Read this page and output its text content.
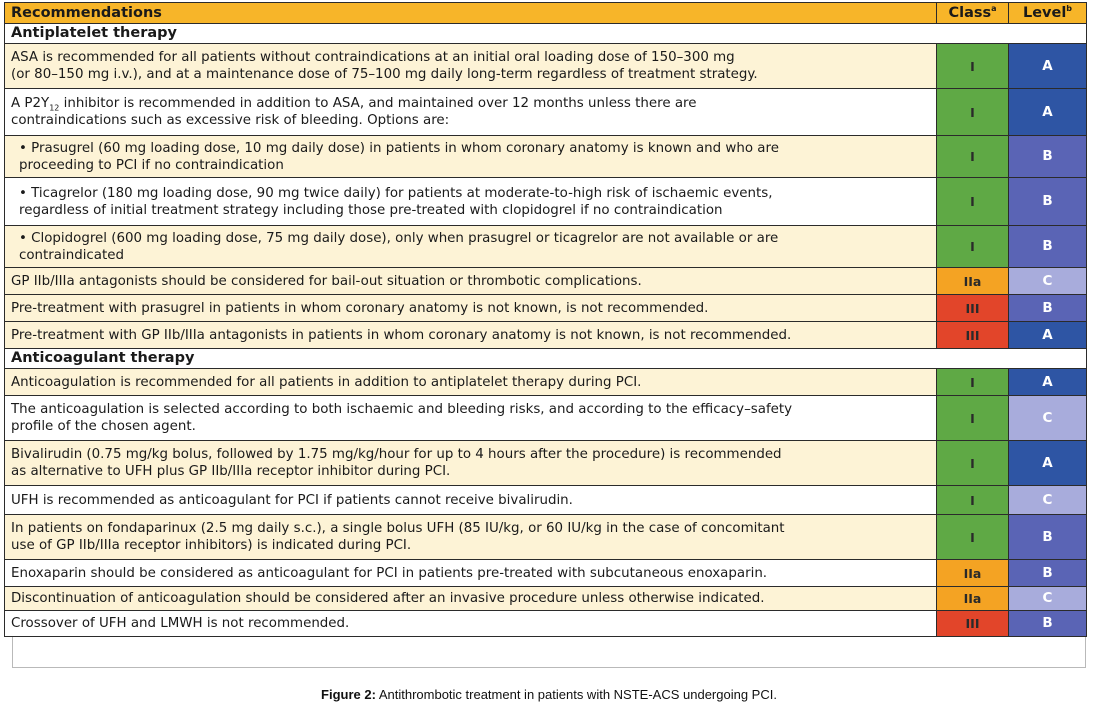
Recommendations	Class$^a$	Level$^b$
Antiplatelet therapy		
ASA is recommended for all patients without contraindications at an initial oral loading dose of 150–300 mg
(or 80–150 mg i.v.), and at a maintenance dose of 75–100 mg daily long-term regardless of treatment strategy.	I	A
A $P2Y_{12}$ inhibitor is recommended in addition to ASA, and maintained over 12 months unless there are
contraindications such as excessive risk of bleeding. Options are:	I	A
• Prasugrel (60 mg loading dose, 10 mg daily dose) in patients in whom coronary anatomy is known and who are
proceeding to PCI if no contraindication	I	B
• Ticagrelor (180 mg loading dose, 90 mg twice daily) for patients at moderate-to-high risk of ischaemic events,
regardless of initial treatment strategy including those pre-treated with clopidogrel if no contraindication	I	B
• Clopidogrel (600 mg loading dose, 75 mg daily dose), only when prasugrel or ticagrelor are not available or are
contraindicated	I	B
GP IIb/IIIa antagonists should be considered for bail-out situation or thrombotic complications.	IIa	C
Pre-treatment with prasugrel in patients in whom coronary anatomy is not known, is not recommended.	III	B
Pre-treatment with GP IIb/IIIa antagonists in patients in whom coronary anatomy is not known, is not recommended.	III	A
Anticoagulant therapy		
Anticoagulation is recommended for all patients in addition to antiplatelet therapy during PCI.	I	A
The anticoagulation is selected according to both ischaemic and bleeding risks, and according to the efficacy–safety
profile of the chosen agent.	I	C
Bivalirudin (0.75 mg/kg bolus, followed by 1.75 mg/kg/hour for up to 4 hours after the procedure) is recommended
as alternative to UFH plus GP IIb/IIIa receptor inhibitor during PCI.	I	A
UFH is recommended as anticoagulant for PCI if patients cannot receive bivalirudin.	I	C
In patients on fondaparinux (2.5 mg daily s.c.), a single bolus UFH (85 IU/kg, or 60 IU/kg in the case of concomitant
use of GP IIb/IIIa receptor inhibitors) is indicated during PCI.	I	B
Enoxaparin should be considered as anticoagulant for PCI in patients pre-treated with subcutaneous enoxaparin.	IIa	B
Discontinuation of anticoagulation should be considered after an invasive procedure unless otherwise indicated.	IIa	C
Crossover of UFH and LMWH is not recommended.	III	B
Figure 2: Antithrombotic treatment in patients with NSTE-ACS undergoing PCI.
